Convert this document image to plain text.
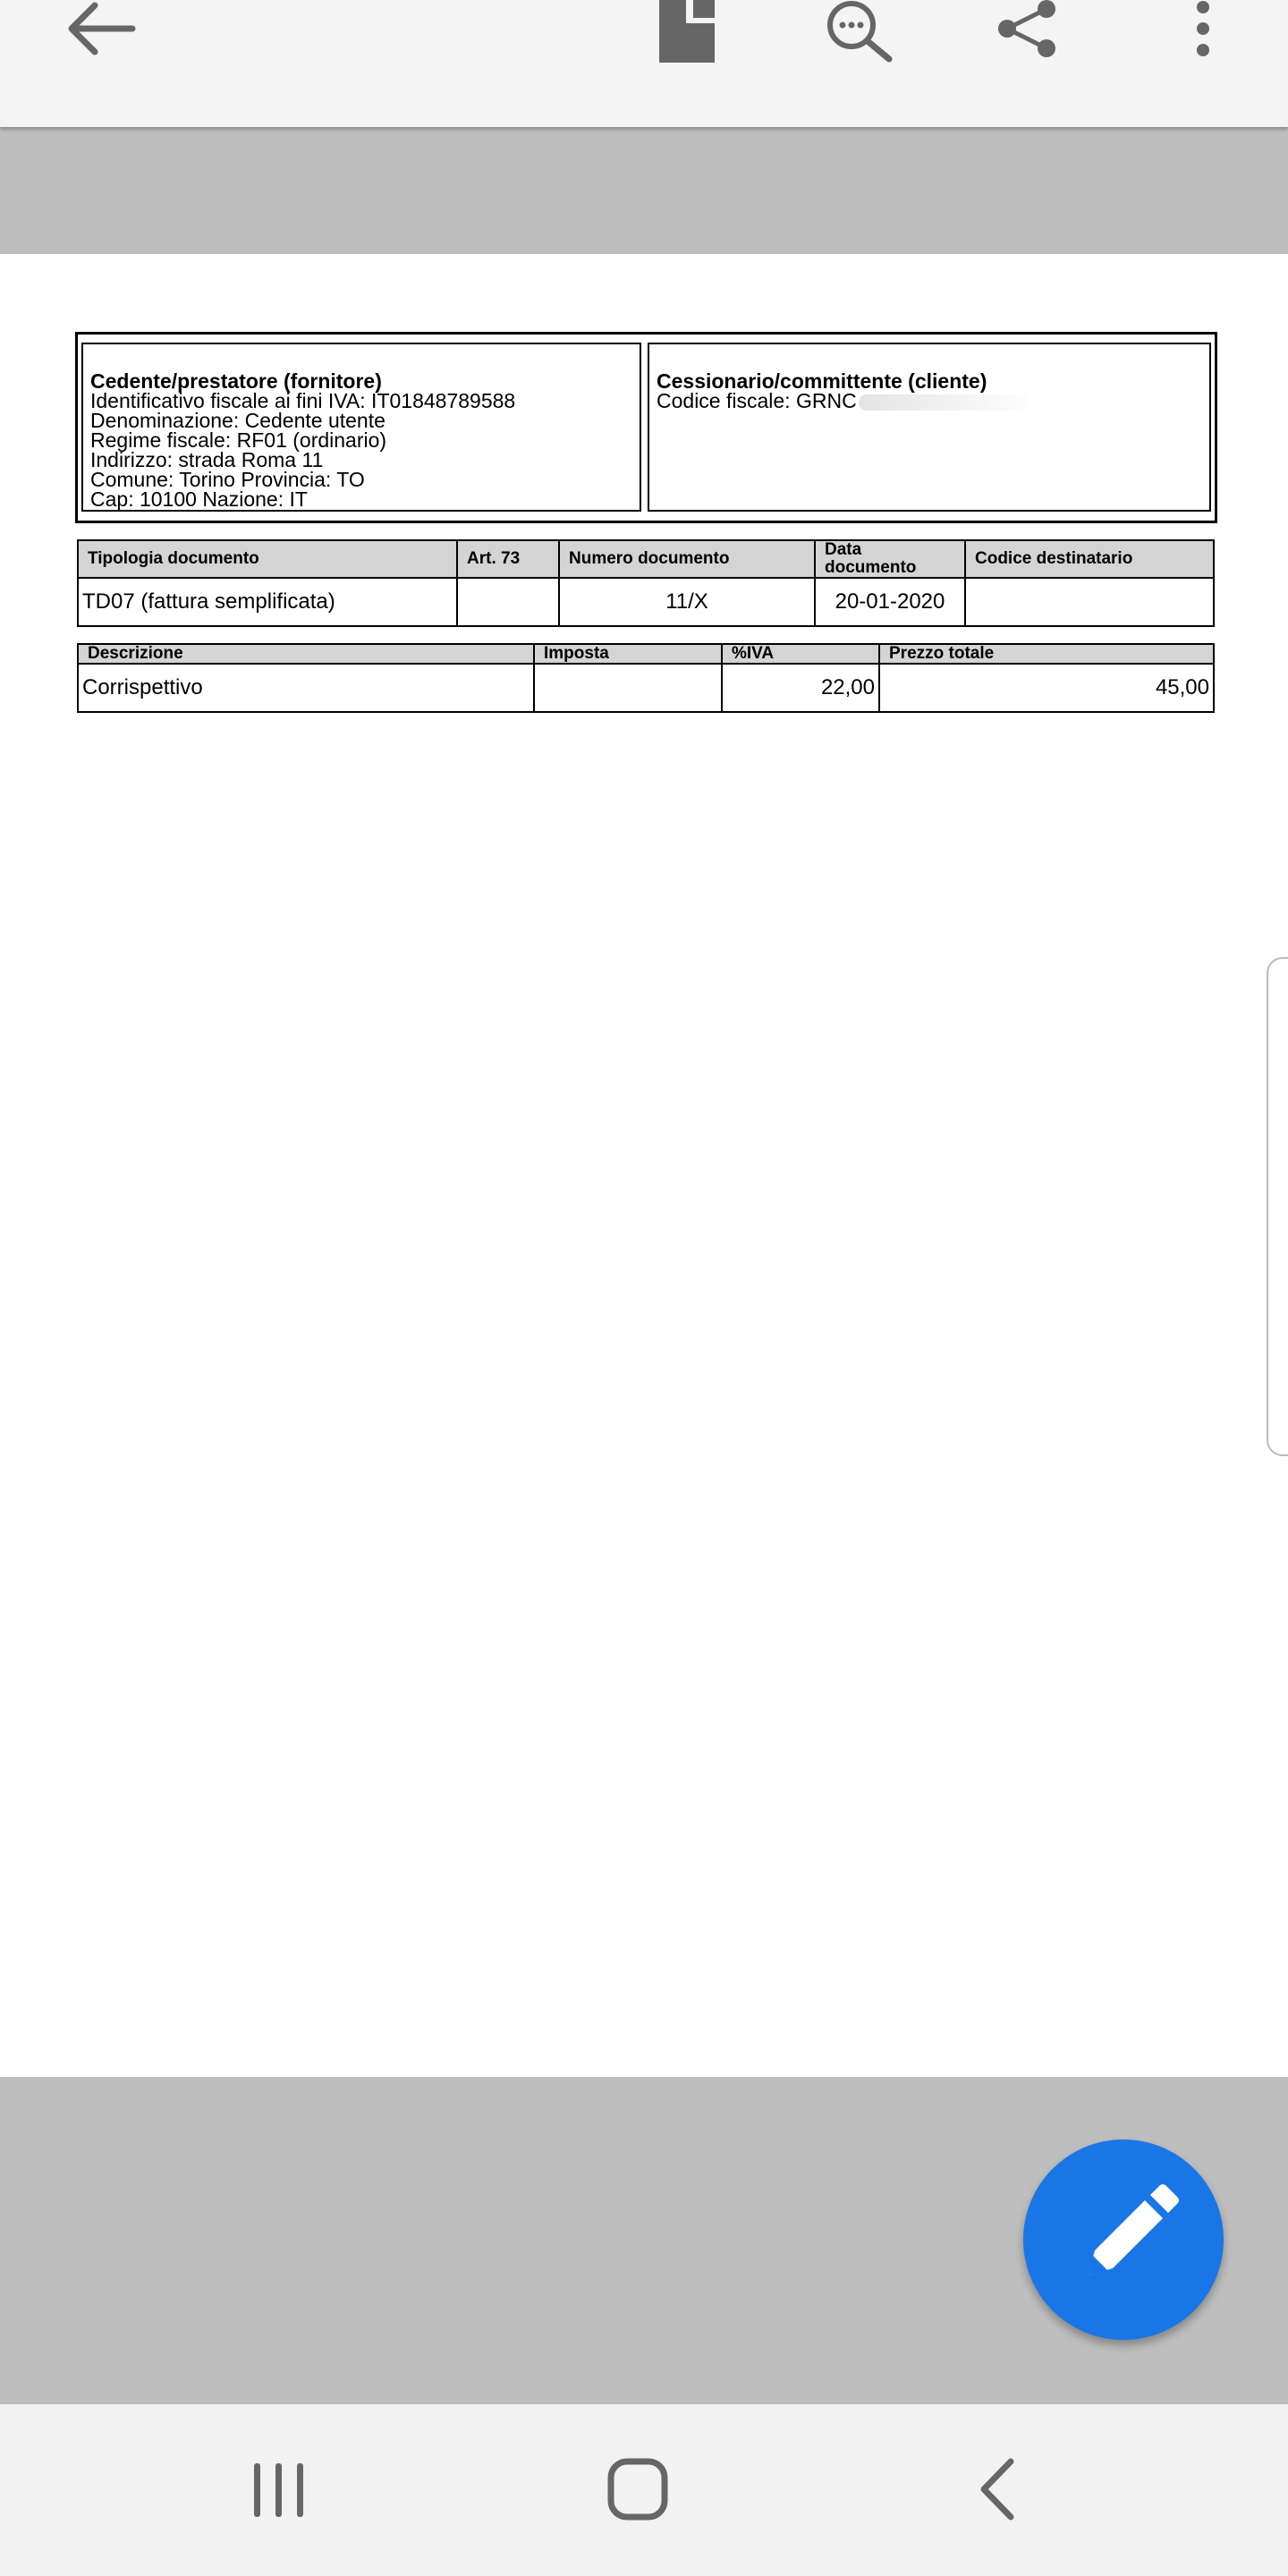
Cedente/prestatore (fornitore)
Identificativo fiscale ai fini IVA: IT01848789588
Denominazione: Cedente utente
Regime fiscale: RF01 (ordinario)
Indirizzo: strada Roma 11
Comune: Torino Provincia: TO
Cap: 10100 Nazione: IT
Cessionario/committente (cliente)
Codice fiscale: GRNC
Tipologia documento	Art. 73	Numero documento	Data documento	Codice destinatario
TD07 (fattura semplificata)		11/X	20-01-2020	
Descrizione	Imposta	%IVA	Prezzo totale
Corrispettivo		22,00	45,00
